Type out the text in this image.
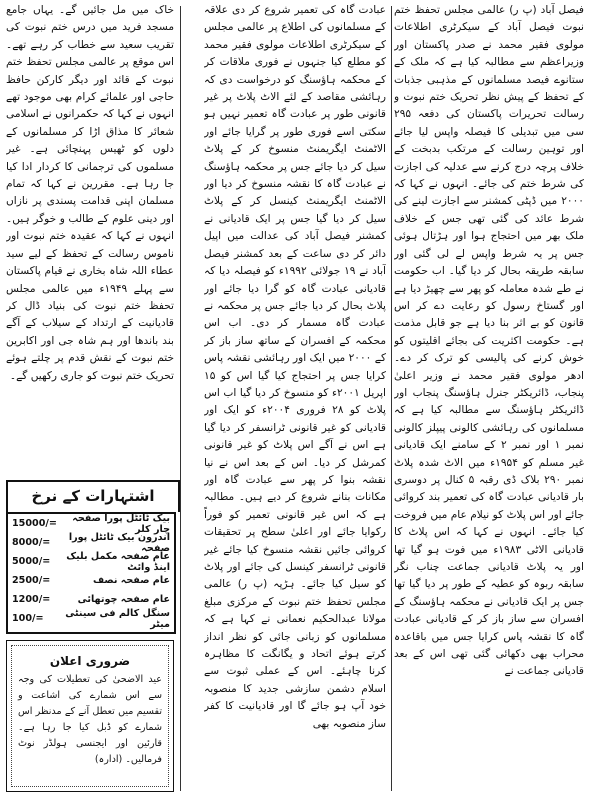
فیصل آباد (پ ر) عالمی مجلس تحفظ ختم نبوت فیصل آباد کے سیکرٹری اطلاعات مولوی فقیر محمد نے صدر پاکستان اور وزیراعظم سے مطالبہ کیا ہے کہ ملک کے ستانوے فیصد مسلمانوں کے مذہبی جذبات کے تحفظ کے پیش نظر تحریک ختم نبوت و رسالت تحریرات پاکستان کی دفعہ ۲۹۵ سی میں تبدیلی کا فیصلہ واپس لیا جائے اور توہین رسالت کے مرتکب بدبخت کے خلاف پرچہ درج کرنے سے عدلیہ کی اجازت کی شرط ختم کی جائے۔ انہوں نے کہا کہ ۲۰۰۰ میں ڈپٹی کمشنر سے اجازت لینے کی شرط عائد کی گئی تھی جس کے خلاف ملک بھر میں احتجاج ہوا اور ہڑتال ہوئی جس پر یہ شرط واپس لے لی گئی اور سابقہ طریقہ بحال کر دیا گیا۔ اب حکومت نے طے شدہ معاملہ کو پھر سے چھیڑ دیا ہے اور گستاخ رسول کو رعایت دے کر اس قانون کو بے اثر بنا دیا ہے جو قابل مذمت ہے۔ حکومت اکثریت کی بجائے اقلیتوں کو خوش کرنے کی پالیسی کو ترک کر دے۔ ادھر مولوی فقیر محمد نے وزیر اعلیٰ پنجاب، ڈائریکٹر جنرل ہاؤسنگ پنجاب اور ڈائریکٹر ہاؤسنگ سے مطالبہ کیا ہے کہ مسلمانوں کی رہائشی کالونی پیپلز کالونی نمبر ۱ اور نمبر ۲ کے سامنے ایک قادیانی غیر مسلم کو ۱۹۵۴ء میں الاٹ شدہ پلاٹ نمبر ۲۹۰ بلاک ڈی رقبہ ۵ کنال پر دوسری بار قادیانی عبادت گاہ کی تعمیر بند کروائی جائے اور اس پلاٹ کو نیلام عام میں فروخت کیا جائے۔ انہوں نے کہا کہ اس پلاٹ کا قادیانی الاٹی ۱۹۸۳ء میں فوت ہو گیا تھا اور یہ پلاٹ قادیانی جماعت چناب نگر سابقہ ربوہ کو عطیہ کے طور پر دیا گیا تھا جس پر ایک قادیانی نے محکمہ ہاؤسنگ کے افسران سے ساز باز کر کے قادیانی عبادت گاہ کا نقشہ پاس کرایا جس میں باقاعدہ محراب بھی دکھائی گئی تھی اس کے بعد قادیانی جماعت نے

عبادت گاہ کی تعمیر شروع کر دی علاقہ کے مسلمانوں کی اطلاع پر عالمی مجلس کے سیکرٹری اطلاعات مولوی فقیر محمد کو مطلع کیا جنہوں نے فوری ملاقات کر کے محکمہ ہاؤسنگ کو درخواست دی کہ رہائشی مقاصد کے لئے الاٹ پلاٹ پر غیر قانونی طور پر عبادت گاہ تعمیر نہیں ہو سکتی اسے فوری طور پر گرایا جائے اور الاٹمنٹ ایگریمنٹ منسوخ کر کے پلاٹ سیل کر دیا جائے جس پر محکمہ ہاؤسنگ نے عبادت گاہ کا نقشہ منسوخ کر دیا اور الاٹمنٹ ایگریمنٹ کینسل کر کے پلاٹ سیل کر دیا گیا جس پر ایک قادیانی نے کمشنر فیصل آباد کی عدالت میں اپیل دائر کر دی ساعت کے بعد کمشنر فیصل آباد نے ۱۹ جولائی ۱۹۹۲ء کو فیصلہ دیا کہ قادیانی عبادت گاہ کو گرا دیا جائے اور پلاٹ بحال کر دیا جائے جس پر محکمہ نے عبادت گاہ مسمار کر دی۔ اب اس محکمہ کے افسران کے ساتھ ساز باز کر کے ۲۰۰۰ میں ایک اور رہائشی نقشہ پاس کرایا جس پر احتجاج کیا گیا اس کو ۱۵ اپریل ۲۰۰۱ء کو منسوخ کر دیا گیا اب اس پلاٹ کو ۲۸ فروری ۲۰۰۴ء کو ایک اور قادیانی کو غیر قانونی ٹرانسفر کر دیا گیا ہے اس نے آگے اس پلاٹ کو غیر قانونی کمرشل کر دیا۔ اس کے بعد اس نے نیا نقشہ بنوا کر پھر سے عبادت گاہ اور مکانات بنانے شروع کر دیے ہیں۔ مطالبہ ہے کہ اس غیر قانونی تعمیر کو فوراً رکوایا جائے اور اعلیٰ سطح پر تحقیقات کروائی جائیں نقشہ منسوخ کیا جائے غیر قانونی ٹرانسفر کینسل کی جائے اور پلاٹ کو سیل کیا جائے۔ ہڑپہ (پ ر) عالمی مجلس تحفظ ختم نبوت کے مرکزی مبلغ مولانا عبدالحکیم نعمانی نے کہا ہے کہ مسلمانوں کو زبانی جائی کو نظر انداز کرتے ہوئے اتحاد و یگانگت کا مظاہرہ کرنا چاہئے۔ اس کے عملی ثبوت سے اسلام دشمن سازشی جدید کا منصوبہ خود آپ ہو جائے گا اور قادیانیت کا کفر ساز منصوبہ بھی

خاک میں مل جائیں گے۔ یہاں جامع مسجد فرید میں درس ختم نبوت کی تقریب سعید سے خطاب کر رہے تھے۔ اس موقع پر عالمی مجلس تحفظ ختم نبوت کے قائد اور دیگر کارکن حافظ حاجی اور علمائے کرام بھی موجود تھے انہوں نے کہا کہ حکمرانوں نے اسلامی شعائر کا مذاق اڑا کر مسلمانوں کے دلوں کو ٹھیس پہنچائی ہے۔ غیر مسلموں کی ترجمانی کا کردار ادا کیا جا رہا ہے۔ مقررین نے کہا کہ تمام مسلمان اپنی قدامت پسندی پر نازاں اور دینی علوم کے طالب و خوگر ہیں۔ انہوں نے کہا کہ عقیدہ ختم نبوت اور ناموس رسالت کے تحفظ کے لیے سید عطاء اللہ شاہ بخاری نے قیام پاکستان سے پہلے ۱۹۴۹ء میں عالمی مجلس تحفظ ختم نبوت کی بنیاد ڈال کر قادیانیت کے ارتداد کے سیلاب کے آگے بند باندھا اور ہم شاہ جی اور اکابرین ختم نبوت کے نقش قدم پر چلتے ہوئے تحریک ختم نبوت کو جاری رکھیں گے۔

اشتہارات کے نرخ
بیک ٹائٹل پورا صفحہ چار کلر
15000/=
اندرون بیک ٹائٹل پورا صفحہ
8000/=
عام صفحہ مکمل بلیک اینڈ وائٹ
5000/=
عام صفحہ نصف
2500/=
عام صفحہ چوتھائی
1200/=
سنگل کالم فی سینٹی میٹر
100/=
ضروری اعلان
عید الاضحیٰ کی تعطیلات کی وجہ سے اس شمارے کی اشاعت و تقسیم میں تعطل آنے کے مدنظر اس شمارے کو ڈبل کیا جا رہا ہے۔ قارئین اور ایجنسی ہولڈر نوٹ فرمالیں۔ (ادارہ)
